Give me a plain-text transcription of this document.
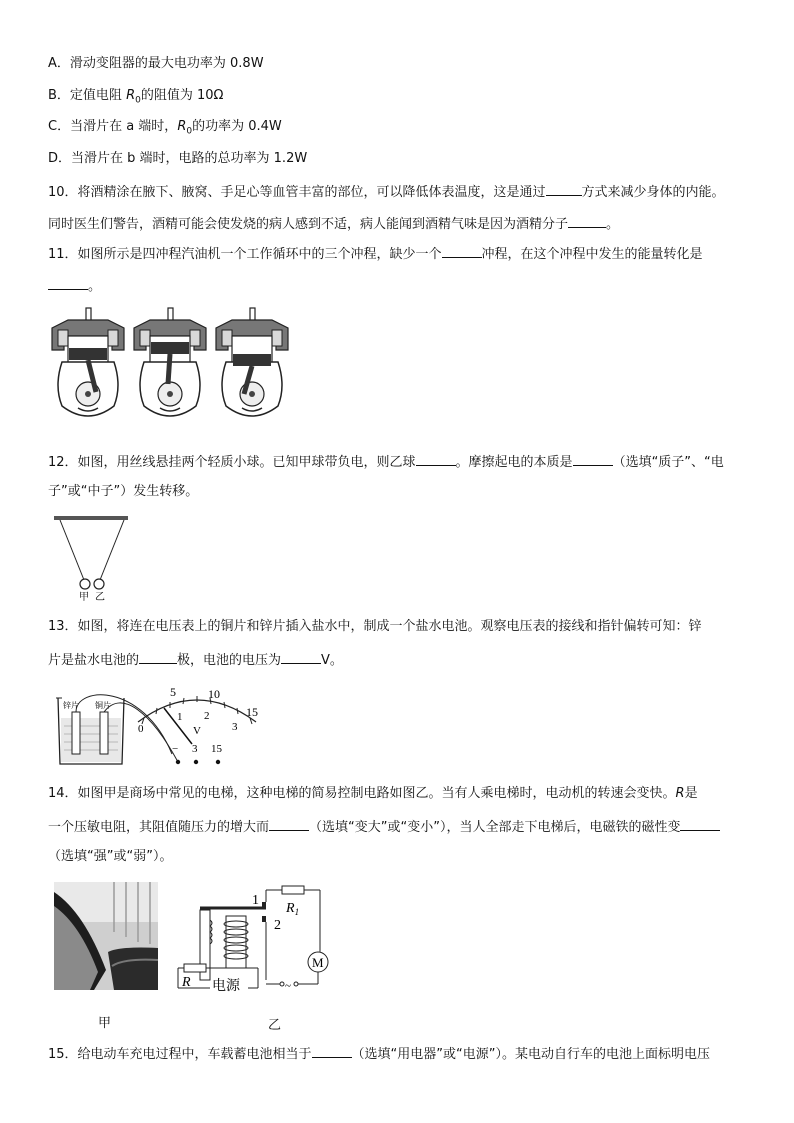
A．滑动变阻器的最大电功率为 0.8W
B．定值电阻 $R_0$的阻值为 10Ω
C．当滑片在 a 端时，$R_0$的功率为 0.4W
D．当滑片在 b 端时，电路的总功率为 1.2W
10．将酒精涂在腋下、腋窝、手足心等血管丰富的部位，可以降低体表温度，这是通过	方式来减少身体的内能。
同时医生们警告，酒精可能会使发烧的病人感到不适，病人能闻到酒精气味是因为酒精分子	。
11．如图所示是四冲程汽油机一个工作循环中的三个冲程，缺少一个	冲程，在这个冲程中发生的能量转化是
。
12．如图，用丝线悬挂两个轻质小球。已知甲球带负电，则乙球	。摩擦起电的本质是	（选填“质子”、“电
子”或“中子”）发生转移。
甲 乙
13．如图，将连在电压表上的铜片和锌片插入盐水中，制成一个盐水电池。观察电压表的接线和指针偏转可知：锌
片是盐水电池的	极，电池的电压为	V。
锌片 铜片
5	10
15
0
1 2
3
V
− 3 15
14．如图甲是商场中常见的电梯，这种电梯的简易控制电路如图乙。当有人乘电梯时，电动机的转速会变快。R是
一个压敏电阻，其阻值随压力的增大而	（选填“变大”或“变小”），当人全部走下电梯后，电磁铁的磁性变
（选填“强”或“弱”）。
1
2
$R_1$
M
~
R 电源
甲	乙
15．给电动车充电过程中，车载蓄电池相当于	（选填“用电器”或“电源”）。某电动自行车的电池上面标明电压
